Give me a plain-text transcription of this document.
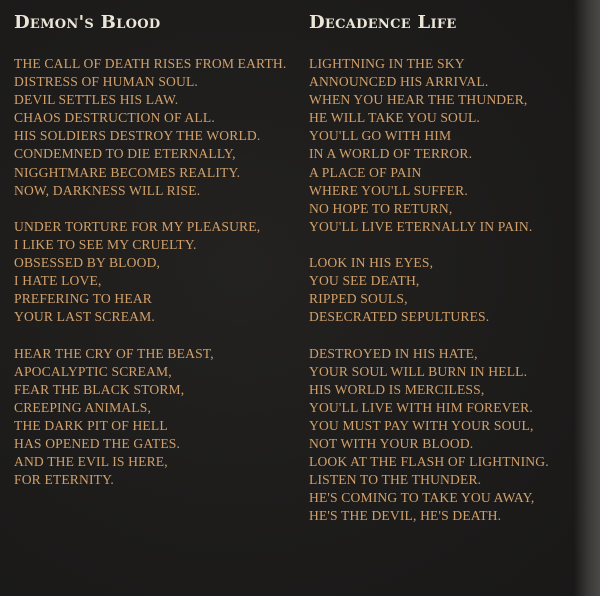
Demon's Blood	Decadence Life
THE CALL OF DEATH RISES FROM EARTH.
DISTRESS OF HUMAN SOUL.
DEVIL SETTLES HIS LAW.
CHAOS DESTRUCTION OF ALL.
HIS SOLDIERS DESTROY THE WORLD.
CONDEMNED TO DIE ETERNALLY,
NIGGHTMARE BECOMES REALITY.
NOW, DARKNESS WILL RISE.
UNDER TORTURE FOR MY PLEASURE,
I LIKE TO SEE MY CRUELTY.
OBSESSED BY BLOOD,
I HATE LOVE,
PREFERING TO HEAR
YOUR LAST SCREAM.
HEAR THE CRY OF THE BEAST,
APOCALYPTIC SCREAM,
FEAR THE BLACK STORM,
CREEPING ANIMALS,
THE DARK PIT OF HELL
HAS OPENED THE GATES.
AND THE EVIL IS HERE,
FOR ETERNITY.
LIGHTNING IN THE SKY
ANNOUNCED HIS ARRIVAL.
WHEN YOU HEAR THE THUNDER,
HE WILL TAKE YOU SOUL.
YOU'LL GO WITH HIM
IN A WORLD OF TERROR.
A PLACE OF PAIN
WHERE YOU'LL SUFFER.
NO HOPE TO RETURN,
YOU'LL LIVE ETERNALLY IN PAIN.
LOOK IN HIS EYES,
YOU SEE DEATH,
RIPPED SOULS,
DESECRATED SEPULTURES.
DESTROYED IN HIS HATE,
YOUR SOUL WILL BURN IN HELL.
HIS WORLD IS MERCILESS,
YOU'LL LIVE WITH HIM FOREVER.
YOU MUST PAY WITH YOUR SOUL,
NOT WITH YOUR BLOOD.
LOOK AT THE FLASH OF LIGHTNING.
LISTEN TO THE THUNDER.
HE'S COMING TO TAKE YOU AWAY,
HE'S THE DEVIL, HE'S DEATH.
